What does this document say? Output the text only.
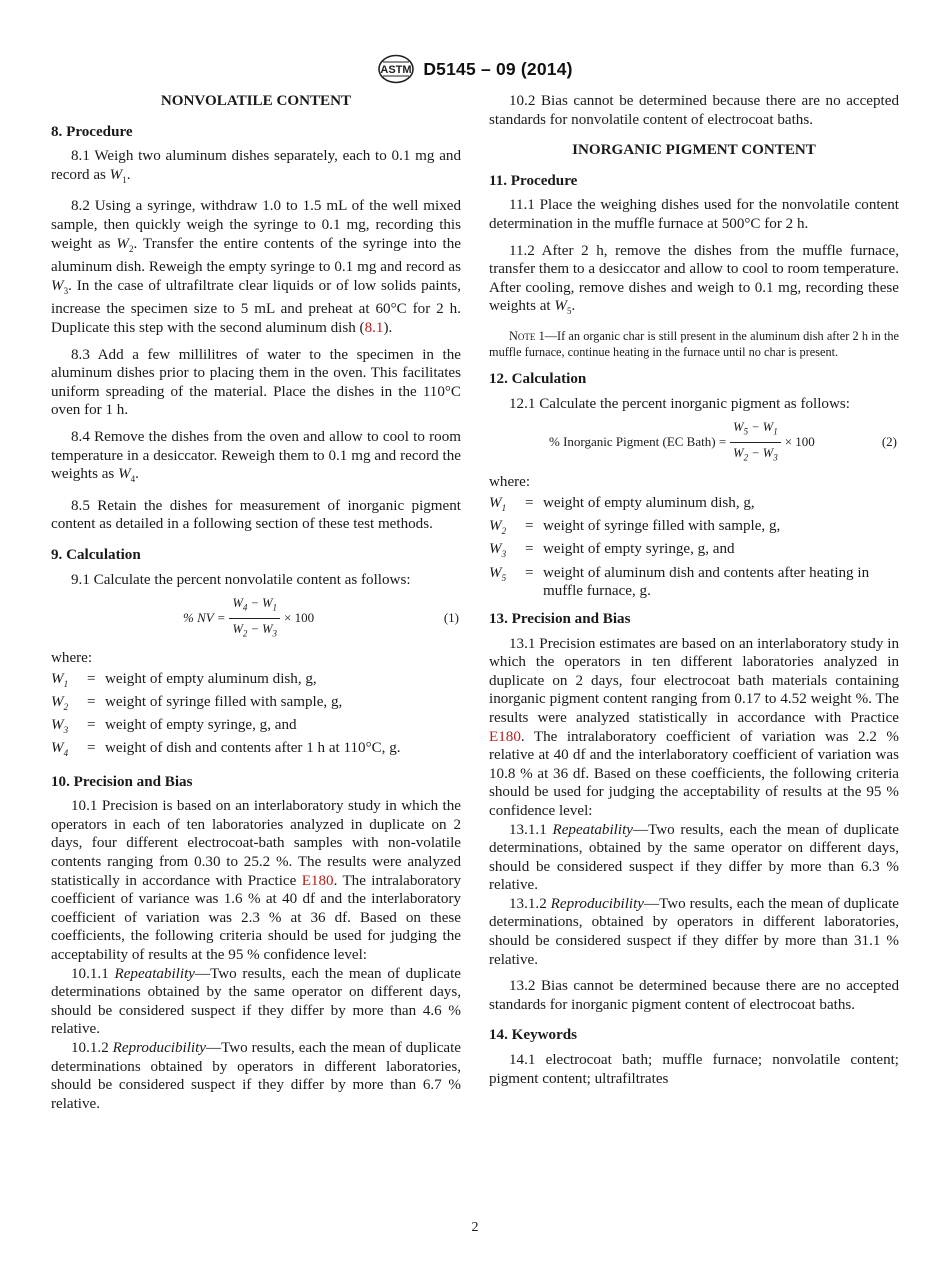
ASTM D5145 – 09 (2014)
NONVOLATILE CONTENT
8. Procedure

8.1 Weigh two aluminum dishes separately, each to 0.1 mg and record as $W_1$.

8.2 Using a syringe, withdraw 1.0 to 1.5 mL of the well mixed sample, then quickly weigh the syringe to 0.1 mg, recording this weight as $W_2$. Transfer the entire contents of the syringe into the aluminum dish. Reweigh the empty syringe to 0.1 mg and record as $W_3$. In the case of ultrafiltrate clear liquids or of low solids paints, increase the specimen size to 5 mL and preheat at 60°C for 2 h. Duplicate this step with the second aluminum dish (8.1).

8.3 Add a few millilitres of water to the specimen in the aluminum dishes prior to placing them in the oven. This facilitates uniform spreading of the material. Place the dishes in the 110°C oven for 1 h.

8.4 Remove the dishes from the oven and allow to cool to room temperature in a desiccator. Reweigh them to 0.1 mg and record the weights as $W_4$.

8.5 Retain the dishes for measurement of inorganic pigment content as detailed in a following section of these test methods.

9. Calculation

9.1 Calculate the percent nonvolatile content as follows:

% NV = $\frac{W_4 - W_1}{W_2 - W_3} \times 100$	(1)
where:
$W_1$	= weight of empty aluminum dish, g,
$W_2$	= weight of syringe filled with sample, g,
$W_3$	= weight of empty syringe, g, and
$W_4$	= weight of dish and contents after 1 h at 110°C, g.
10. Precision and Bias

10.1 Precision is based on an interlaboratory study in which the operators in each of ten laboratories analyzed in duplicate on 2 days, four different electrocoat-bath samples with non-volatile contents ranging from 0.30 to 25.2 %. The results were analyzed statistically in accordance with Practice E180. The intralaboratory coefficient of variance was 1.6 % at 40 df and the interlaboratory coefficient of variation was 2.3 % at 36 df. Based on these coefficients, the following criteria should be used for judging the acceptability of results at the 95 % confidence level:

10.1.1 Repeatability—Two results, each the mean of duplicate determinations obtained by the same operator on different days, should be considered suspect if they differ by more than 4.6 % relative.

10.1.2 Reproducibility—Two results, each the mean of duplicate determinations obtained by operators in different laboratories, should be considered suspect if they differ by more than 6.7 % relative.

10.2 Bias cannot be determined because there are no accepted standards for nonvolatile content of electrocoat baths.

INORGANIC PIGMENT CONTENT
11. Procedure

11.1 Place the weighing dishes used for the nonvolatile content determination in the muffle furnace at 500°C for 2 h.

11.2 After 2 h, remove the dishes from the muffle furnace, transfer them to a desiccator and allow to cool to room temperature. After cooling, remove dishes and weigh to 0.1 mg, recording these weights at $W_5$.

Note 1—If an organic char is still present in the aluminum dish after 2 h in the muffle furnace, continue heating in the furnace until no char is present.
12. Calculation

12.1 Calculate the percent inorganic pigment as follows:

% Inorganic Pigment (EC Bath) = $\frac{W_5 - W_1}{W_2 - W_3} \times 100$	(2)
where:
$W_1$	= weight of empty aluminum dish, g,
$W_2$	= weight of syringe filled with sample, g,
$W_3$	= weight of empty syringe, g, and
$W_5$	= weight of aluminum dish and contents after heating in muffle furnace, g.
13. Precision and Bias

13.1 Precision estimates are based on an interlaboratory study in which the operators in ten different laboratories analyzed in duplicate on 2 days, four electrocoat bath materials containing inorganic pigment content ranging from 0.17 to 4.52 weight %. The results were analyzed statistically in accordance with Practice E180. The intralaboratory coefficient of variation was 2.2 % relative at 40 df and the interlaboratory coefficient of variation was 10.8 % at 36 df. Based on these coefficients, the following criteria should be used for judging the acceptability of results at the 95 % confidence level:

13.1.1 Repeatability—Two results, each the mean of duplicate determinations, obtained by the same operator on different days, should be considered suspect if they differ by more than 6.3 % relative.

13.1.2 Reproducibility—Two results, each the mean of duplicate determinations, obtained by operators in different laboratories, should be considered suspect if they differ by more than 31.1 % relative.

13.2 Bias cannot be determined because there are no accepted standards for inorganic pigment content of electrocoat baths.

14. Keywords

14.1 electrocoat bath; muffle furnace; nonvolatile content; pigment content; ultrafiltrates

2
